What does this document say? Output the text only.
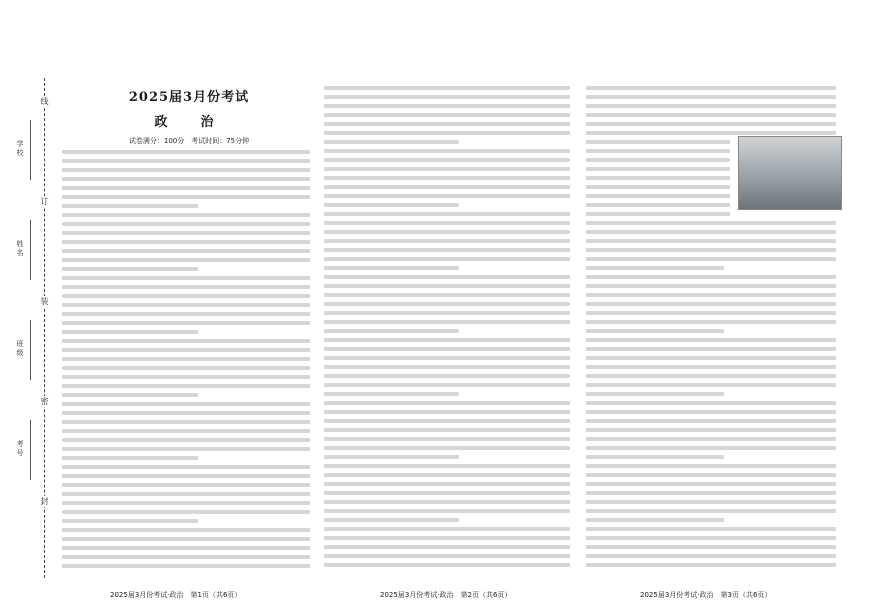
线
订
装
密
封
学校
姓名
班级
考号
2025届3月份考试
政　治
试卷满分：100分　考试时间：75分钟
2025届3月份考试·政治　第1页（共6页）	2025届3月份考试·政治　第2页（共6页）	2025届3月份考试·政治　第3页（共6页）
